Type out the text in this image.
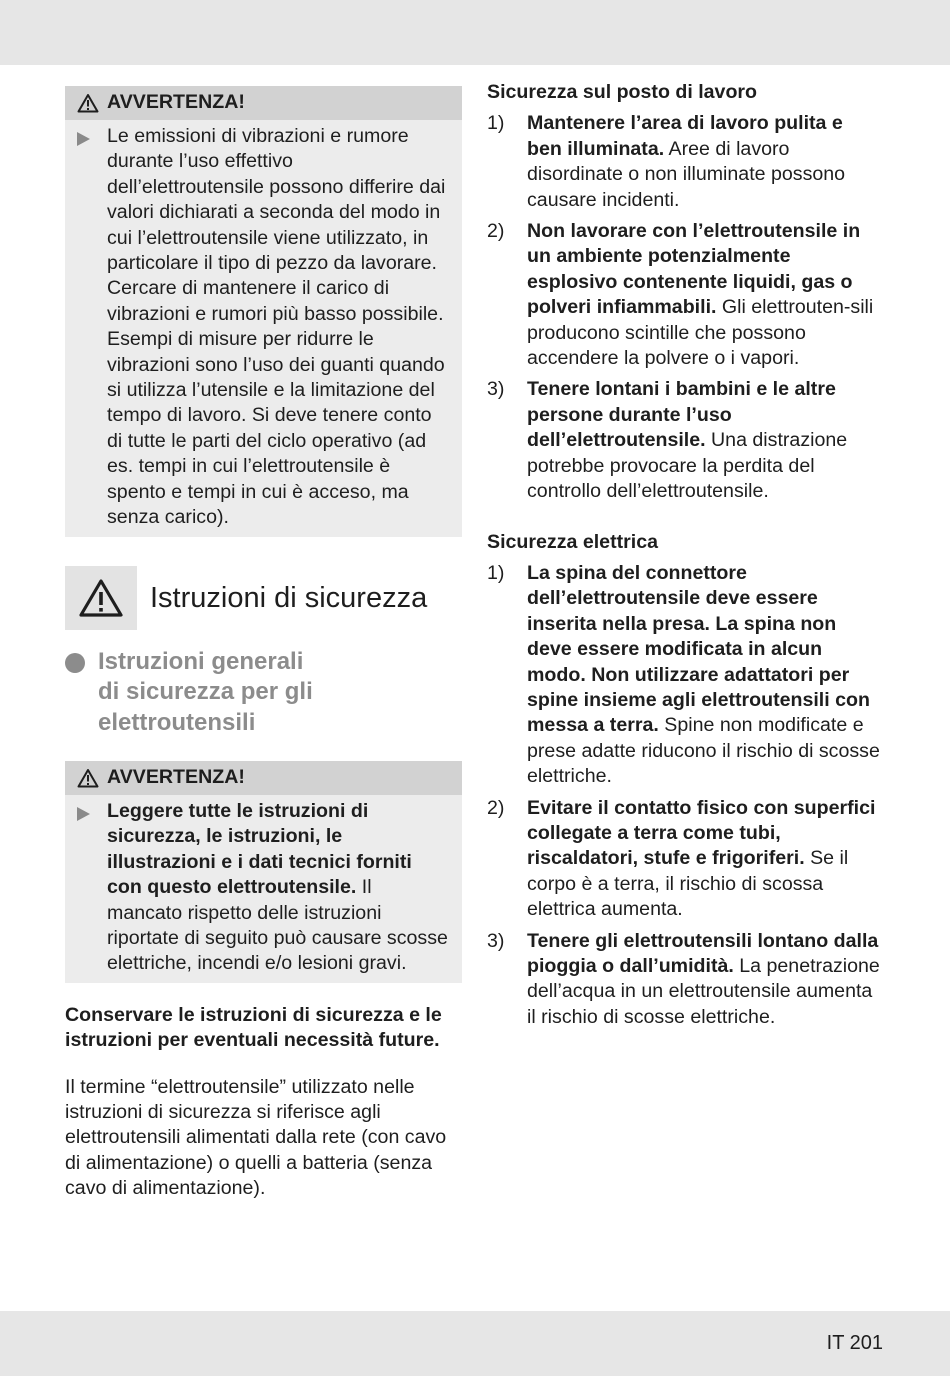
AVVERTENZA!

Le emissioni di vibrazioni e rumore durante l’uso effettivo dell’elettroutensile possono differire dai valori dichiarati a seconda del modo in cui l’elettroutensile viene utilizzato, in particolare il tipo di pezzo da lavorare.

Cercare di mantenere il carico di vibrazioni e rumori più basso possibile. Esempi di misure per ridurre le vibrazioni sono l’uso dei guanti quando si utilizza l’utensile e la limitazione del tempo di lavoro. Si deve tenere conto di tutte le parti del ciclo operativo (ad es. tempi in cui l’elettroutensile è spento e tempi in cui è acceso, ma senza carico).

Istruzioni di sicurezza
Istruzioni generali
di sicurezza per gli
elettroutensili
AVVERTENZA!

Leggere tutte le istruzioni di sicurezza, le istruzioni, le illustrazioni e i dati tecnici forniti con questo elettroutensile. Il mancato rispetto delle istruzioni riportate di seguito può causare scosse elettriche, incendi e/o lesioni gravi.

Conservare le istruzioni di sicurezza e le istruzioni per eventuali necessità future.
Il termine “elettroutensile” utilizzato nelle istruzioni di sicurezza si riferisce agli elettroutensili alimentati dalla rete (con cavo di alimentazione) o quelli a batteria (senza cavo di alimentazione).
Sicurezza sul posto di lavoro
1)	Mantenere l’area di lavoro pulita e ben illuminata. Aree di lavoro disordinate o non illuminate possono causare incidenti.
2)	Non lavorare con l’elettroutensile in un ambiente potenzialmente esplosivo contenente liquidi, gas o polveri infiammabili. Gli elettrouten-sili producono scintille che possono accendere la polvere o i vapori.
3)	Tenere lontani i bambini e le altre persone durante l’uso dell’elettroutensile. Una distrazione potrebbe provocare la perdita del controllo dell’elettroutensile.
Sicurezza elettrica
1)	La spina del connettore dell’elettroutensile deve essere inserita nella presa. La spina non deve essere modificata in alcun modo. Non utilizzare adattatori per spine insieme agli elettroutensili con messa a terra. Spine non modificate e prese adatte riducono il rischio di scosse elettriche.
2)	Evitare il contatto fisico con superfici collegate a terra come tubi, riscaldatori, stufe e frigoriferi. Se il corpo è a terra, il rischio di scossa elettrica aumenta.
3)	Tenere gli elettroutensili lontano dalla pioggia o dall’umidità. La penetrazione dell’acqua in un elettroutensile aumenta il rischio di scosse elettriche.
IT 201
